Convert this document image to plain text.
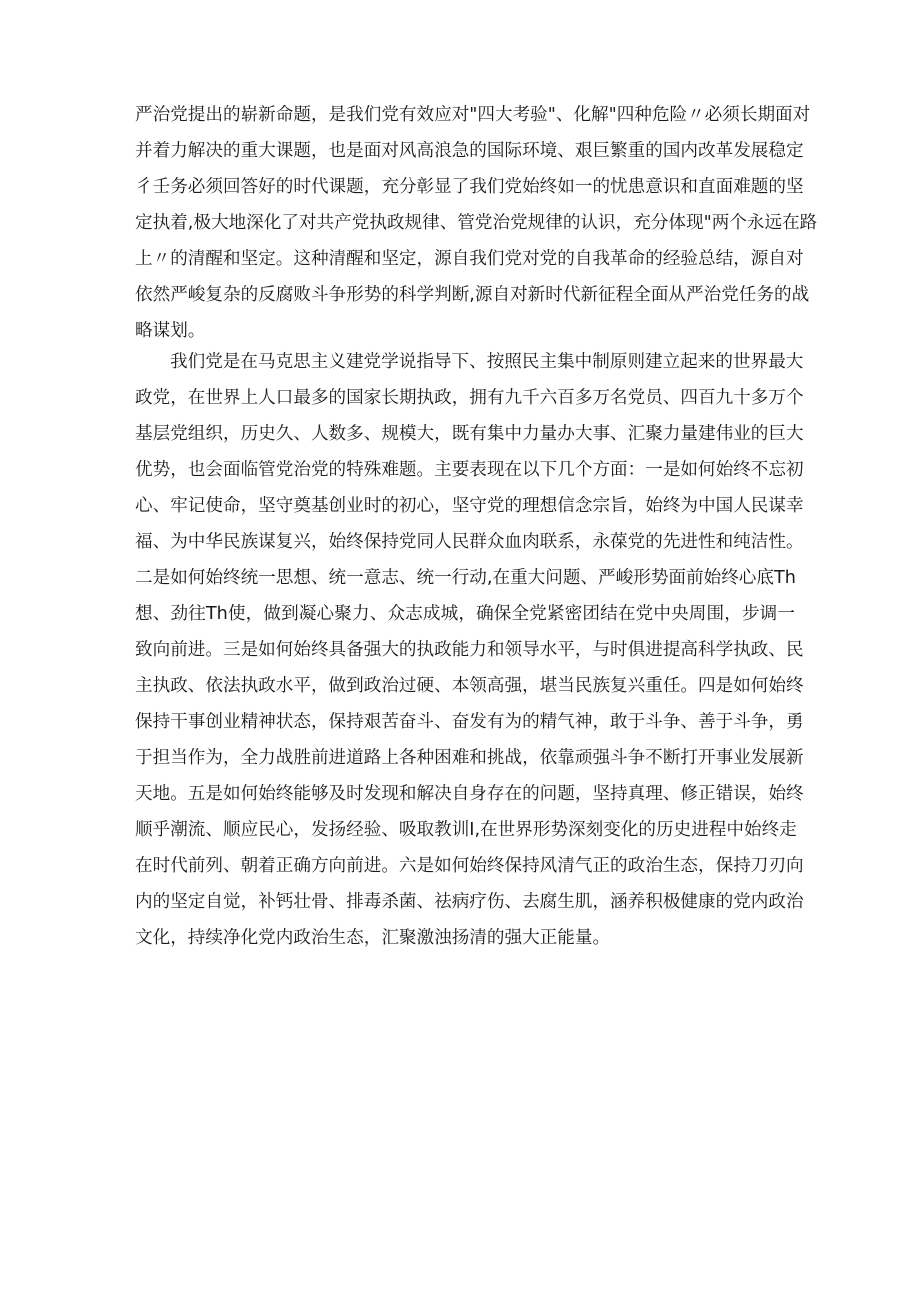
严治党提出的崭新命题，是我们党有效应对"四大考验"、化解"四种危险〃必须长期面对
并着力解决的重大课题，也是面对风高浪急的国际环境、艰巨繁重的国内改革发展稳定
彳壬务必须回答好的时代课题，充分彰显了我们党始终如一的忧患意识和直面难题的坚
定执着,极大地深化了对共产党执政规律、管党治党规律的认识，充分体现"两个永远在路
上〃的清醒和坚定。这种清醒和坚定，源自我们党对党的自我革命的经验总结，源自对
依然严峻复杂的反腐败斗争形势的科学判断,源自对新时代新征程全面从严治党任务的战
略谋划。
我们党是在马克思主义建党学说指导下、按照民主集中制原则建立起来的世界最大
政党，在世界上人口最多的国家长期执政，拥有九千六百多万名党员、四百九十多万个
基层党组织，历史久、人数多、规模大，既有集中力量办大事、汇聚力量建伟业的巨大
优势，也会面临管党治党的特殊难题。主要表现在以下几个方面：一是如何始终不忘初
心、牢记使命，坚守奠基创业时的初心，坚守党的理想信念宗旨，始终为中国人民谋幸
福、为中华民族谋复兴，始终保持党同人民群众血肉联系，永葆党的先进性和纯洁性。
二是如何始终统一思想、统一意志、统一行动,在重大问题、严峻形势面前始终心底Th
想、劲往Th使，做到凝心聚力、众志成城，确保全党紧密团结在党中央周围，步调一
致向前进。三是如何始终具备强大的执政能力和领导水平，与时俱进提高科学执政、民
主执政、依法执政水平，做到政治过硬、本领高强，堪当民族复兴重任。四是如何始终
保持干事创业精神状态，保持艰苦奋斗、奋发有为的精气神，敢于斗争、善于斗争，勇
于担当作为，全力战胜前进道路上各种困难和挑战，依靠顽强斗争不断打开事业发展新
天地。五是如何始终能够及时发现和解决自身存在的问题，坚持真理、修正错误，始终
顺乎潮流、顺应民心，发扬经验、吸取教训I,在世界形势深刻变化的历史进程中始终走
在时代前列、朝着正确方向前进。六是如何始终保持风清气正的政治生态，保持刀刃向
内的坚定自觉，补钙壮骨、排毒杀菌、祛病疗伤、去腐生肌，涵养积极健康的党内政治
文化，持续净化党内政治生态，汇聚激浊扬清的强大正能量。
